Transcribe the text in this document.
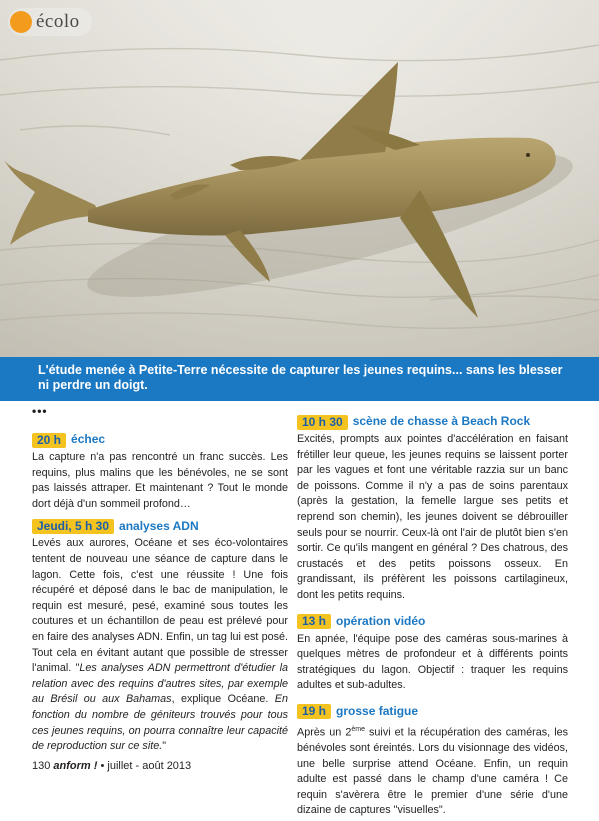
écolo
L'étude menée à Petite-Terre nécessite de capturer les jeunes requins... sans les blesser
ni perdre un doigt.
•••
20 h échec
La capture n'a pas rencontré un franc succès. Les requins, plus malins que les bénévoles, ne se sont pas laissés attraper. Et maintenant ? Tout le monde dort déjà d'un sommeil profond…
Jeudi, 5 h 30 analyses ADN
Levés aux aurores, Océane et ses éco-volontaires tentent de nouveau une séance de capture dans le lagon. Cette fois, c'est une réussite ! Une fois récupéré et déposé dans le bac de manipulation, le requin est mesuré, pesé, examiné sous toutes les coutures et un échantillon de peau est prélevé pour en faire des analyses ADN. Enfin, un tag lui est posé. Tout cela en évitant autant que possible de stresser l'animal. "Les analyses ADN permettront d'étudier la relation avec des requins d'autres sites, par exemple au Brésil ou aux Bahamas, explique Océane. En fonction du nombre de géniteurs trouvés pour tous ces jeunes requins, on pourra connaître leur capacité de reproduction sur ce site."
10 h 30 scène de chasse à Beach Rock
Excités, prompts aux pointes d'accélération en faisant frétiller leur queue, les jeunes requins se laissent porter par les vagues et font une véritable razzia sur un banc de poissons. Comme il n'y a pas de soins parentaux (après la gestation, la femelle largue ses petits et reprend son chemin), les jeunes doivent se débrouiller seuls pour se nourrir. Ceux-là ont l'air de plutôt bien s'en sortir. Ce qu'ils mangent en général ? Des chatrous, des crustacés et des petits poissons osseux. En grandissant, ils préfèrent les poissons cartilagineux, dont les petits requins.
13 h opération vidéo
En apnée, l'équipe pose des caméras sous-marines à quelques mètres de profondeur et à différents points stratégiques du lagon. Objectif : traquer les requins adultes et sub-adultes.
19 h grosse fatigue
Après un 2ème suivi et la récupération des caméras, les bénévoles sont éreintés. Lors du visionnage des vidéos, une belle surprise attend Océane. Enfin, un requin adulte est passé dans le champ d'une caméra ! Ce requin s'avèrera être le premier d'une série d'une dizaine de captures "visuelles".
130 anform ! • juillet - août 2013
